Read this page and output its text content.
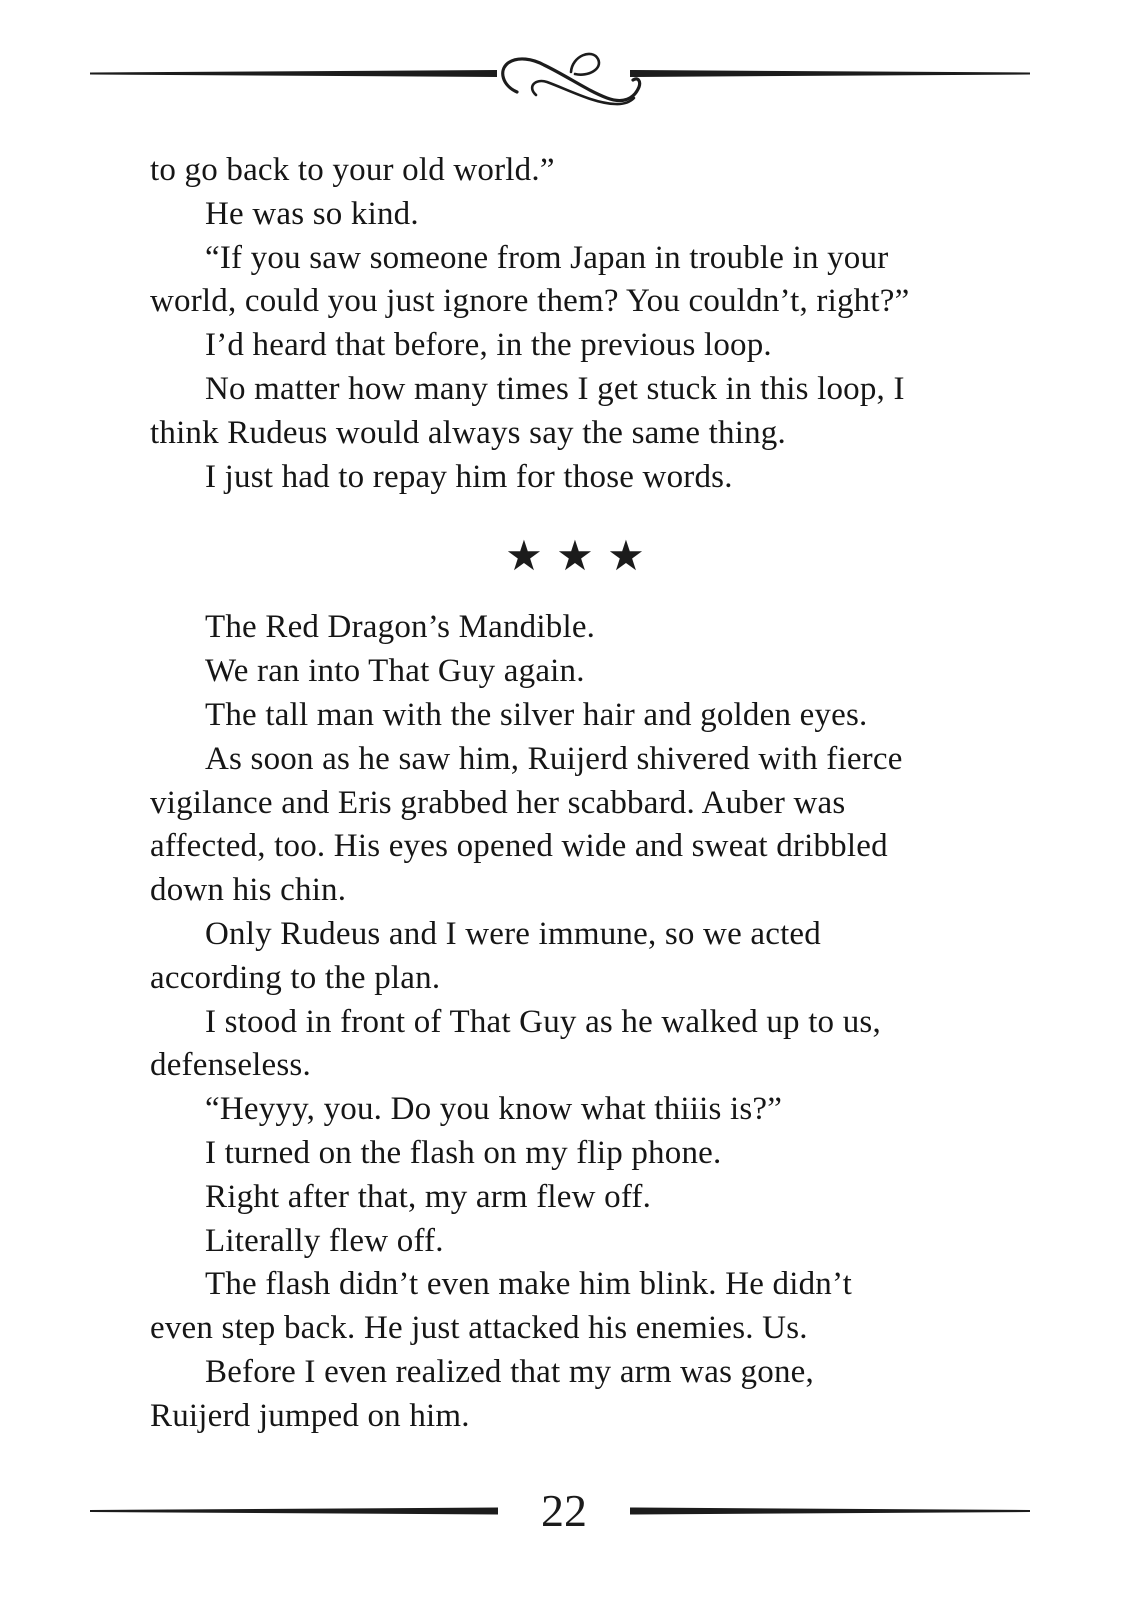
to go back to your old world.”
He was so kind.
“If you saw someone from Japan in trouble in your
world, could you just ignore them? You couldn’t, right?”
I’d heard that before, in the previous loop.
No matter how many times I get stuck in this loop, I
think Rudeus would always say the same thing.
I just had to repay him for those words.
★ ★ ★
The Red Dragon’s Mandible.
We ran into That Guy again.
The tall man with the silver hair and golden eyes.
As soon as he saw him, Ruijerd shivered with fierce
vigilance and Eris grabbed her scabbard. Auber was
affected, too. His eyes opened wide and sweat dribbled
down his chin.
Only Rudeus and I were immune, so we acted
according to the plan.
I stood in front of That Guy as he walked up to us,
defenseless.
“Heyyy, you. Do you know what thiiis is?”
I turned on the flash on my flip phone.
Right after that, my arm flew off.
Literally flew off.
The flash didn’t even make him blink. He didn’t
even step back. He just attacked his enemies. Us.
Before I even realized that my arm was gone,
Ruijerd jumped on him.
22
